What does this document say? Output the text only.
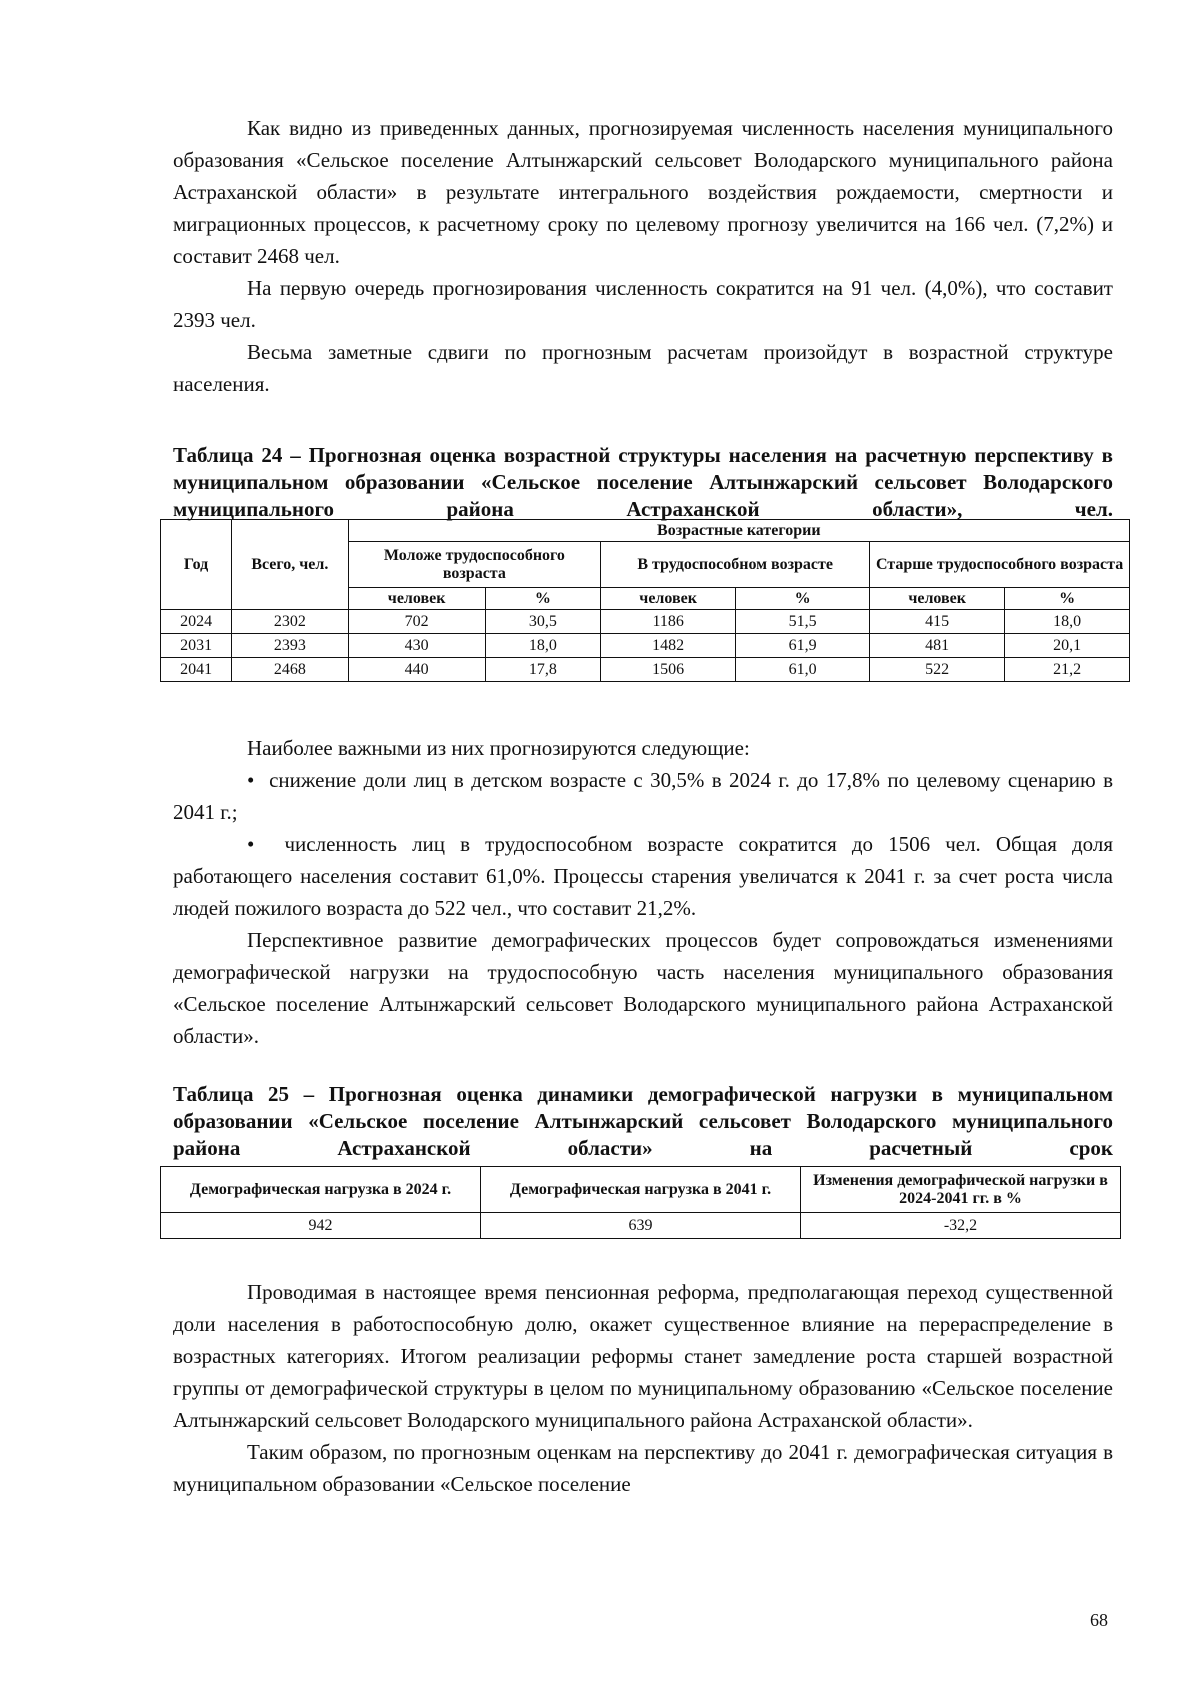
Как видно из приведенных данных, прогнозируемая численность населения муниципального образования «Сельское поселение Алтынжарский сельсовет Володарского муниципального района Астраханской области» в результате интегрального воздействия рождаемости, смертности и миграционных процессов, к расчетному сроку по целевому прогнозу увеличится на 166 чел. (7,2%) и составит 2468 чел.

На первую очередь прогнозирования численность сократится на 91 чел. (4,0%), что составит 2393 чел.

Весьма заметные сдвиги по прогнозным расчетам произойдут в возрастной структуре населения.

Таблица 24 – Прогнозная оценка возрастной структуры населения на расчетную перспективу в муниципальном образовании «Сельское поселение Алтынжарский сельсовет Володарского муниципального района Астраханской области», чел.
Год	Всего, чел.	Возрастные категории					
		Моложе трудоспособного возраста		В трудоспособном возрасте		Старше трудоспособного возраста	
		человек	%	человек	%	человек	%
2024	2302	702	30,5	1186	51,5	415	18,0
2031	2393	430	18,0	1482	61,9	481	20,1
2041	2468	440	17,8	1506	61,0	522	21,2

Наиболее важными из них прогнозируются следующие:

• снижение доли лиц в детском возрасте с 30,5% в 2024 г. до 17,8% по целевому сценарию в 2041 г.;

• численность лиц в трудоспособном возрасте сократится до 1506 чел. Общая доля работающего населения составит 61,0%. Процессы старения увеличатся к 2041 г. за счет роста числа людей пожилого возраста до 522 чел., что составит 21,2%.

Перспективное развитие демографических процессов будет сопровождаться изменениями демографической нагрузки на трудоспособную часть населения муниципального образования «Сельское поселение Алтынжарский сельсовет Володарского муниципального района Астраханской области».

Таблица 25 – Прогнозная оценка динамики демографической нагрузки в муниципальном образовании «Сельское поселение Алтынжарский сельсовет Володарского муниципального района Астраханской области» на расчетный срок
Демографическая нагрузка в 2024 г.	Демографическая нагрузка в 2041 г.	Изменения демографической нагрузки в 2024-2041 гг. в %
942	639	-32,2

Проводимая в настоящее время пенсионная реформа, предполагающая переход существенной доли населения в работоспособную долю, окажет существенное влияние на перераспределение в возрастных категориях. Итогом реализации реформы станет замедление роста старшей возрастной группы от демографической структуры в целом по муниципальному образованию «Сельское поселение Алтынжарский сельсовет Володарского муниципального района Астраханской области».

Таким образом, по прогнозным оценкам на перспективу до 2041 г. демографическая ситуация в муниципальном образовании «Сельское поселение

68
